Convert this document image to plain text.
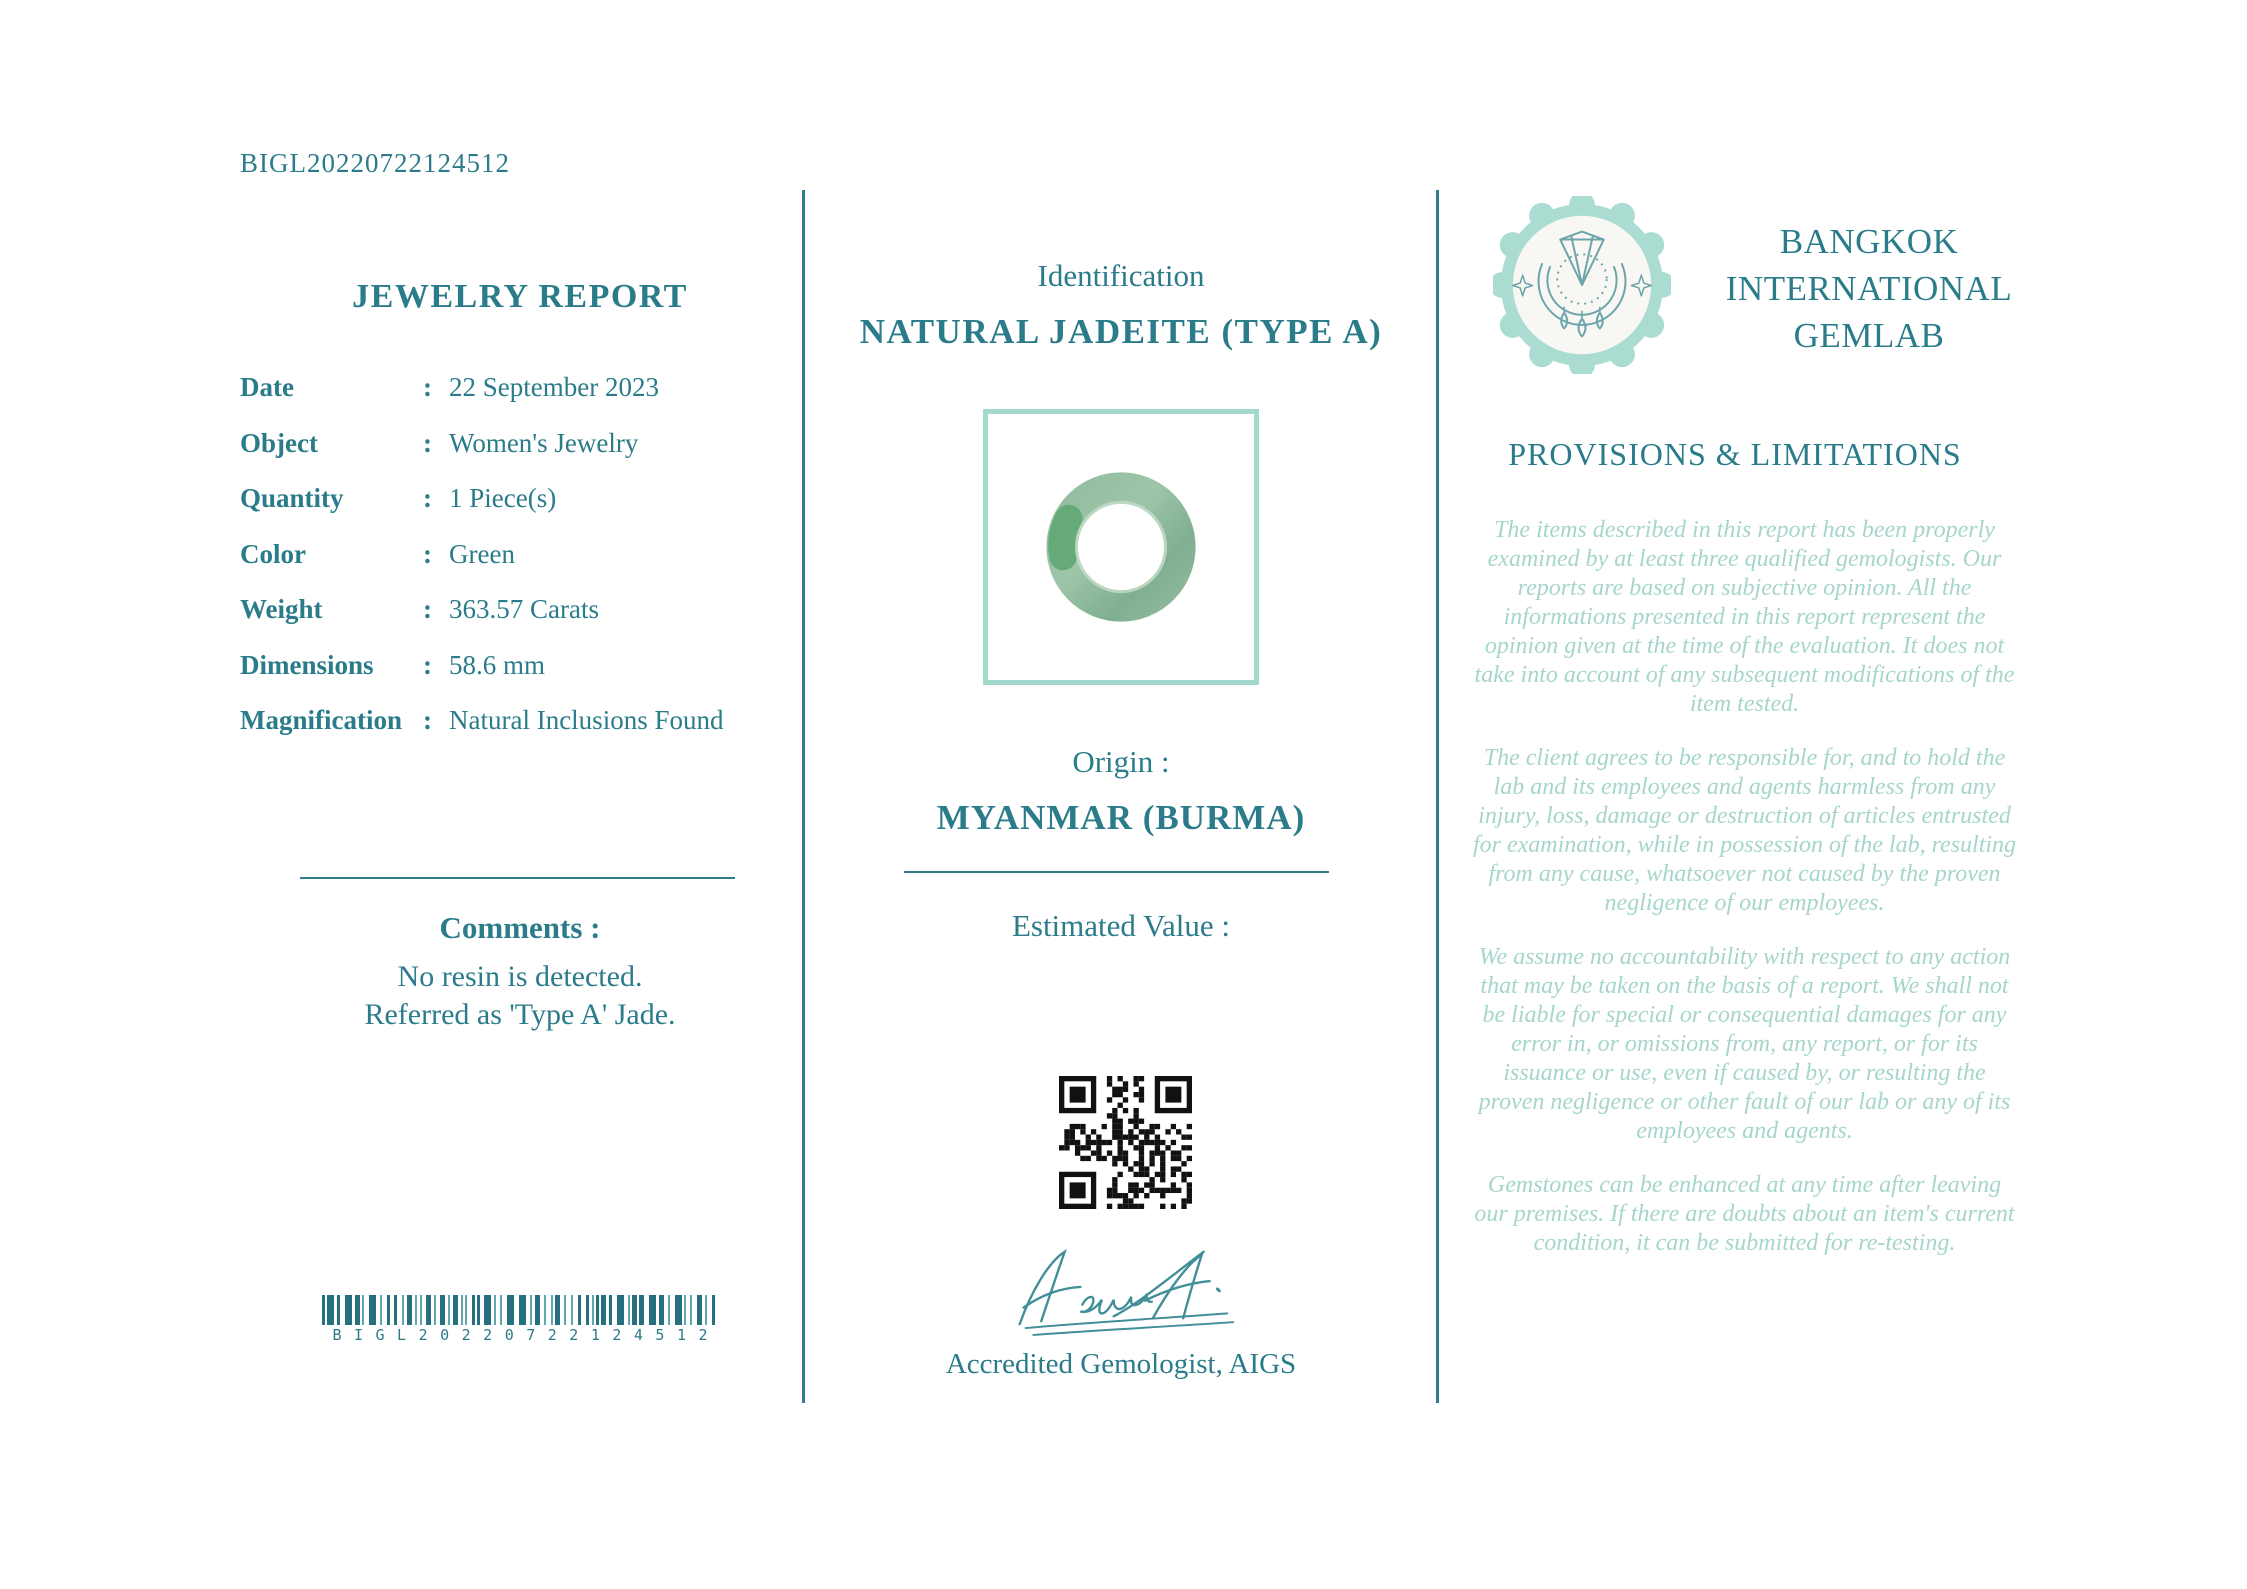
BIGL20220722124512
JEWELRY REPORT
Date	: 22 September 2023
Object	: Women's Jewelry
Quantity	: 1 Piece(s)
Color	: Green
Weight	: 363.57 Carats
Dimensions	: 58.6 mm
Magnification : Natural Inclusions Found
Comments :
No resin is detected.
Referred as 'Type A' Jade.
BIGL20220722124512
Identification
NATURAL JADEITE (TYPE A)
Origin :
MYANMAR (BURMA)
Estimated Value :
Accredited Gemologist, AIGS
BANGKOK
INTERNATIONAL
GEMLAB
PROVISIONS & LIMITATIONS

The items described in this report has been properly examined by at least three qualified gemologists. Our reports are based on subjective opinion. All the informations presented in this report represent the opinion given at the time of the evaluation. It does not take into account of any subsequent modifications of the item tested.

The client agrees to be responsible for, and to hold the lab and its employees and agents harmless from any injury, loss, damage or destruction of articles entrusted for examination, while in possession of the lab, resulting from any cause, whatsoever not caused by the proven negligence of our employees.

We assume no accountability with respect to any action that may be taken on the basis of a report. We shall not be liable for special or consequential damages for any error in, or omissions from, any report, or for its issuance or use, even if caused by, or resulting the proven negligence or other fault of our lab or any of its employees and agents.

Gemstones can be enhanced at any time after leaving our premises. If there are doubts about an item's current condition, it can be submitted for re-testing.
